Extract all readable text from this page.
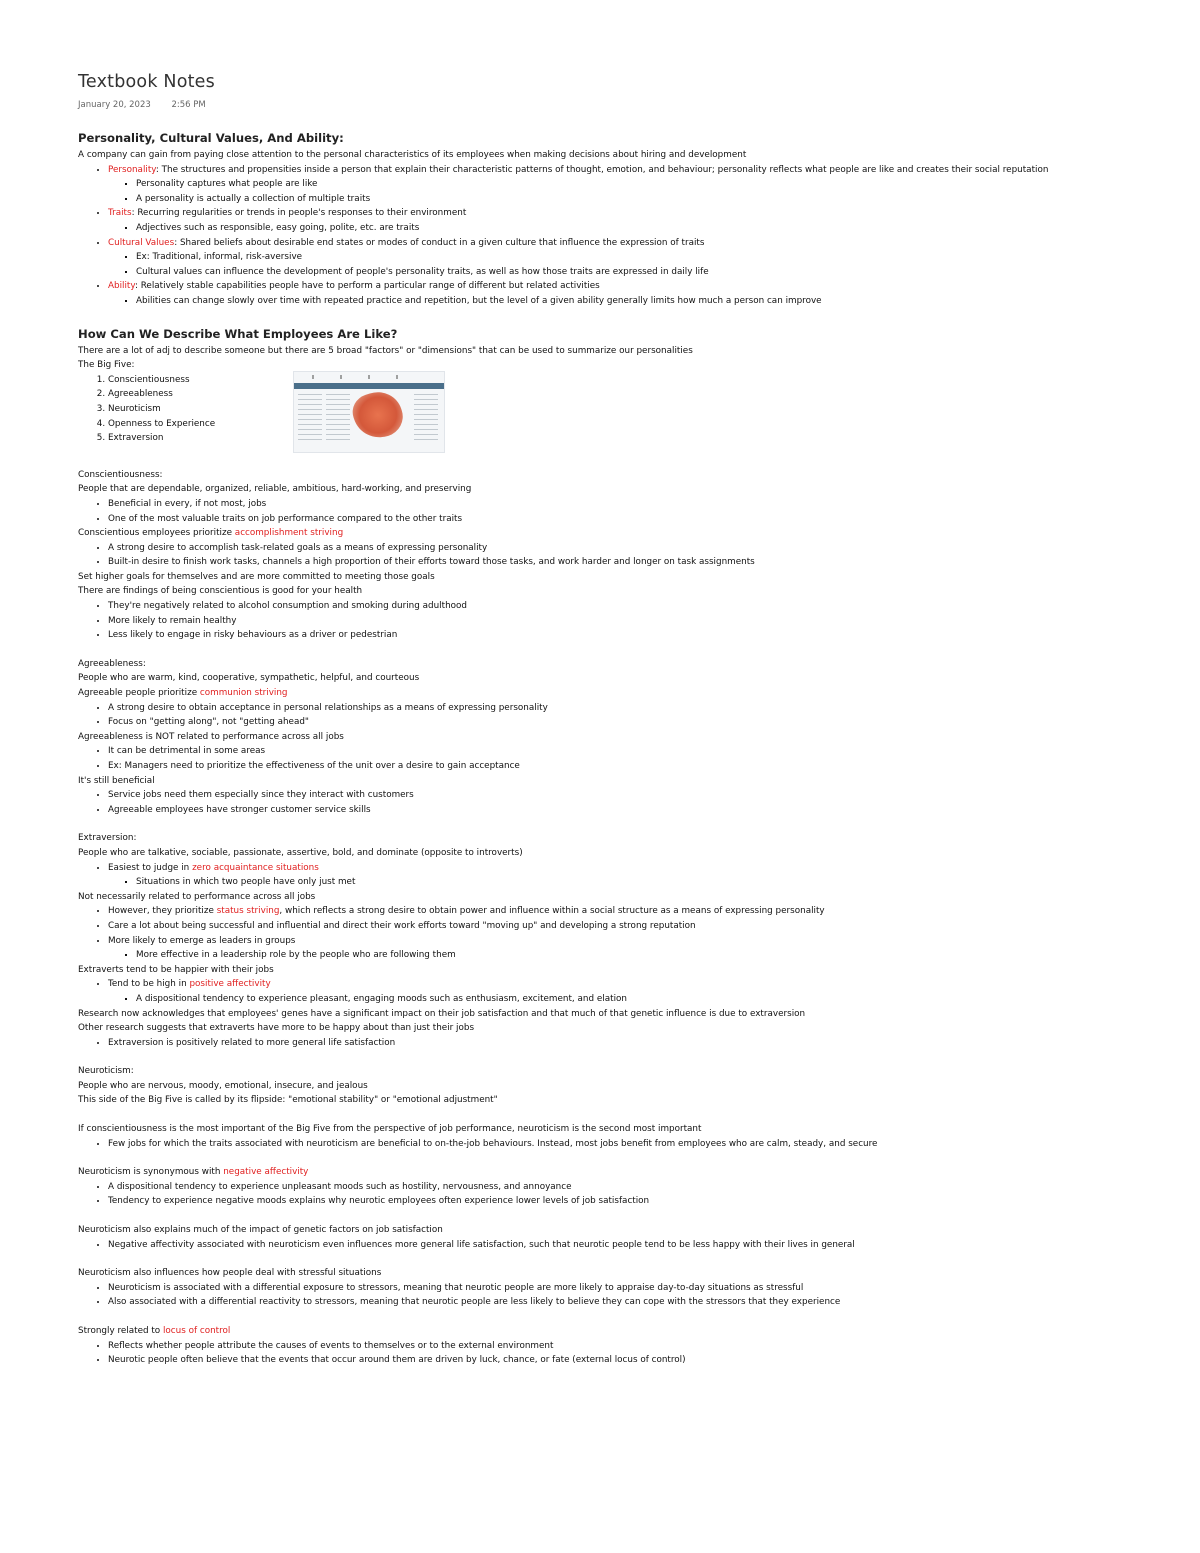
Textbook Notes
January 20, 2023 2:56 PM
Personality, Cultural Values, And Ability:
A company can gain from paying close attention to the personal characteristics of its employees when making decisions about hiring and development
• Personality: The structures and propensities inside a person that explain their characteristic patterns of thought, emotion, and behaviour; personality reflects what people are like and creates their social reputation
▪ Personality captures what people are like
▪ A personality is actually a collection of multiple traits
• Traits: Recurring regularities or trends in people's responses to their environment
▪ Adjectives such as responsible, easy going, polite, etc. are traits
• Cultural Values: Shared beliefs about desirable end states or modes of conduct in a given culture that influence the expression of traits
▪ Ex: Traditional, informal, risk-aversive
▪ Cultural values can influence the development of people's personality traits, as well as how those traits are expressed in daily life
• Ability: Relatively stable capabilities people have to perform a particular range of different but related activities
▪ Abilities can change slowly over time with repeated practice and repetition, but the level of a given ability generally limits how much a person can improve
How Can We Describe What Employees Are Like?
There are a lot of adj to describe someone but there are 5 broad "factors" or "dimensions" that can be used to summarize our personalities
The Big Five:
1. Conscientiousness
2. Agreeableness
3. Neuroticism
4. Openness to Experience
5. Extraversion
Conscientiousness:
People that are dependable, organized, reliable, ambitious, hard-working, and preserving
• Beneficial in every, if not most, jobs
• One of the most valuable traits on job performance compared to the other traits
Conscientious employees prioritize accomplishment striving
• A strong desire to accomplish task-related goals as a means of expressing personality
• Built-in desire to finish work tasks, channels a high proportion of their efforts toward those tasks, and work harder and longer on task assignments
Set higher goals for themselves and are more committed to meeting those goals
There are findings of being conscientious is good for your health
• They're negatively related to alcohol consumption and smoking during adulthood
• More likely to remain healthy
• Less likely to engage in risky behaviours as a driver or pedestrian
Agreeableness:
People who are warm, kind, cooperative, sympathetic, helpful, and courteous
Agreeable people prioritize communion striving
• A strong desire to obtain acceptance in personal relationships as a means of expressing personality
• Focus on "getting along", not "getting ahead"
Agreeableness is NOT related to performance across all jobs
• It can be detrimental in some areas
• Ex: Managers need to prioritize the effectiveness of the unit over a desire to gain acceptance
It's still beneficial
• Service jobs need them especially since they interact with customers
• Agreeable employees have stronger customer service skills
Extraversion:
People who are talkative, sociable, passionate, assertive, bold, and dominate (opposite to introverts)
• Easiest to judge in zero acquaintance situations
▪ Situations in which two people have only just met
Not necessarily related to performance across all jobs
• However, they prioritize status striving, which reflects a strong desire to obtain power and influence within a social structure as a means of expressing personality
• Care a lot about being successful and influential and direct their work efforts toward "moving up" and developing a strong reputation
• More likely to emerge as leaders in groups
▪ More effective in a leadership role by the people who are following them
Extraverts tend to be happier with their jobs
• Tend to be high in positive affectivity
▪ A dispositional tendency to experience pleasant, engaging moods such as enthusiasm, excitement, and elation
Research now acknowledges that employees' genes have a significant impact on their job satisfaction and that much of that genetic influence is due to extraversion
Other research suggests that extraverts have more to be happy about than just their jobs
• Extraversion is positively related to more general life satisfaction
Neuroticism:
People who are nervous, moody, emotional, insecure, and jealous
This side of the Big Five is called by its flipside: "emotional stability" or "emotional adjustment"
If conscientiousness is the most important of the Big Five from the perspective of job performance, neuroticism is the second most important
• Few jobs for which the traits associated with neuroticism are beneficial to on-the-job behaviours. Instead, most jobs benefit from employees who are calm, steady, and secure
Neuroticism is synonymous with negative affectivity
• A dispositional tendency to experience unpleasant moods such as hostility, nervousness, and annoyance
• Tendency to experience negative moods explains why neurotic employees often experience lower levels of job satisfaction
Neuroticism also explains much of the impact of genetic factors on job satisfaction
• Negative affectivity associated with neuroticism even influences more general life satisfaction, such that neurotic people tend to be less happy with their lives in general
Neuroticism also influences how people deal with stressful situations
• Neuroticism is associated with a differential exposure to stressors, meaning that neurotic people are more likely to appraise day-to-day situations as stressful
• Also associated with a differential reactivity to stressors, meaning that neurotic people are less likely to believe they can cope with the stressors that they experience
Strongly related to locus of control
• Reflects whether people attribute the causes of events to themselves or to the external environment
• Neurotic people often believe that the events that occur around them are driven by luck, chance, or fate (external locus of control)
